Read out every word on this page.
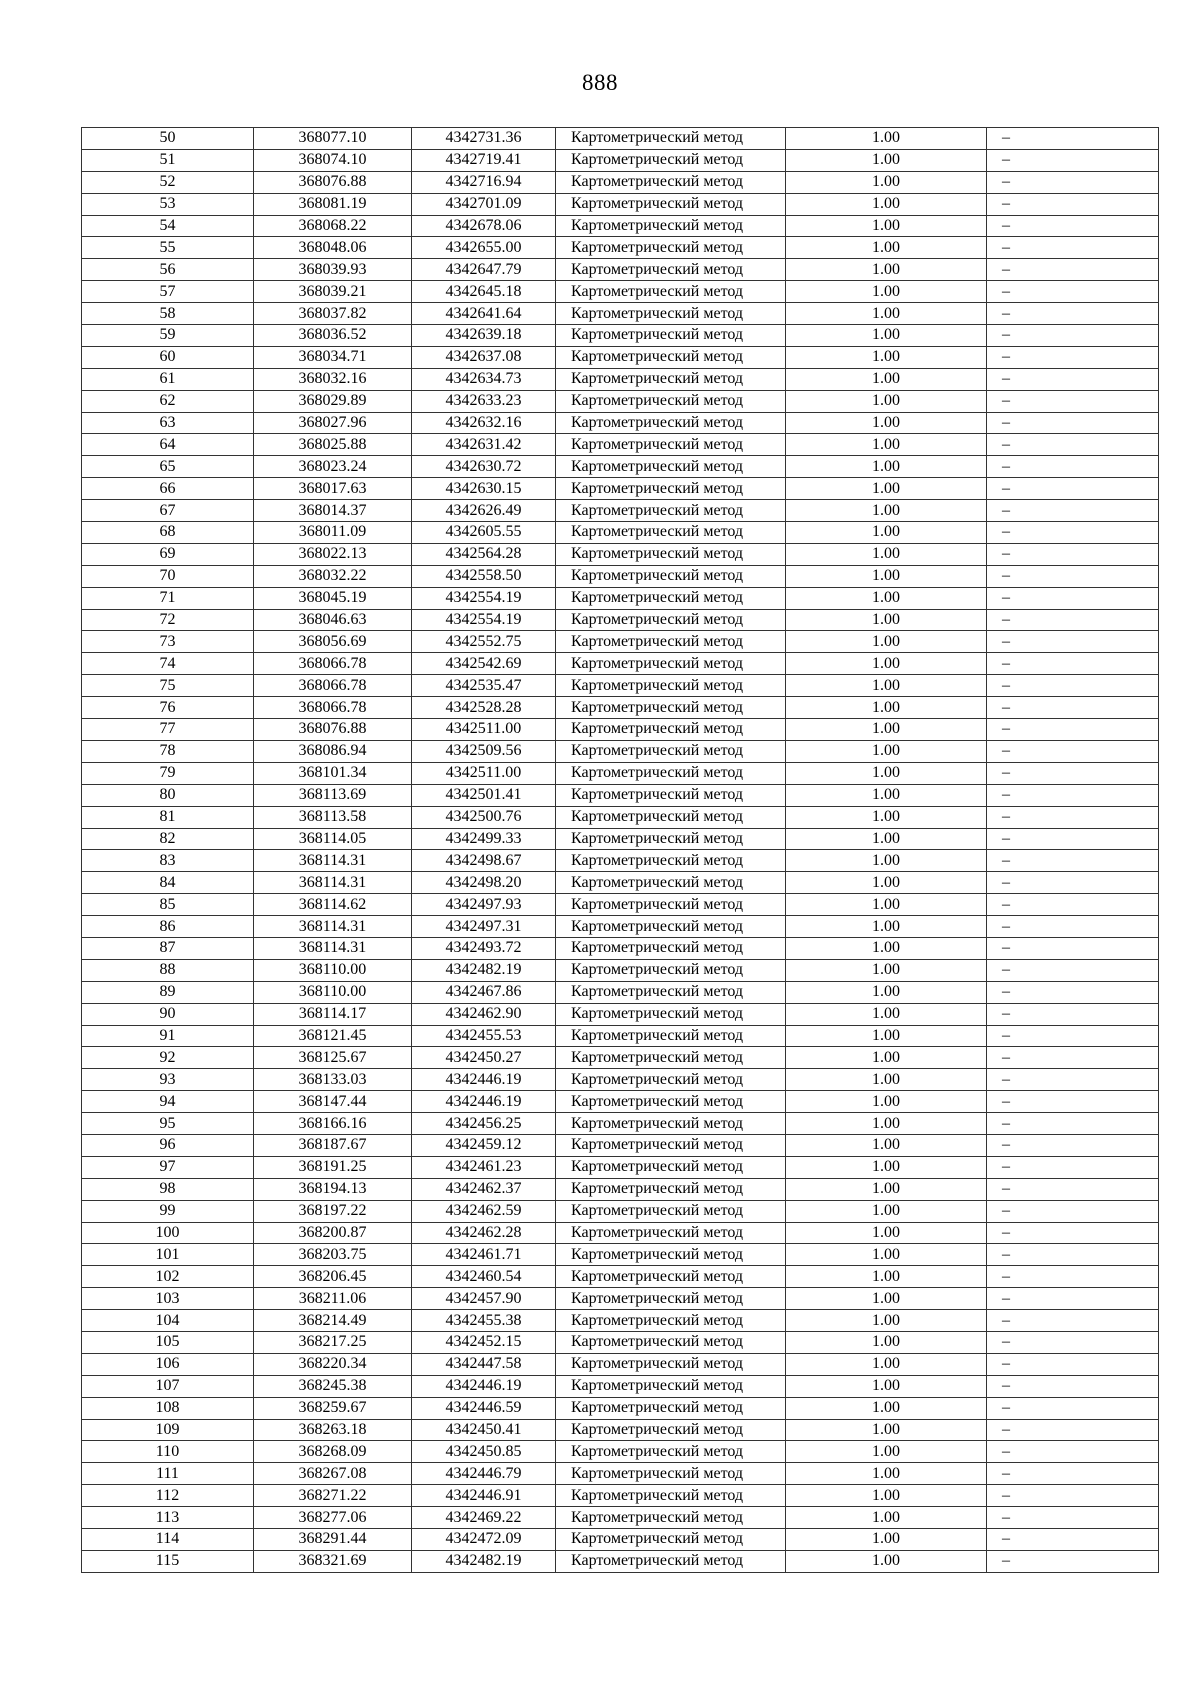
888
50	368077.10	4342731.36	Картометрический метод	1.00	–
51	368074.10	4342719.41	Картометрический метод	1.00	–
52	368076.88	4342716.94	Картометрический метод	1.00	–
53	368081.19	4342701.09	Картометрический метод	1.00	–
54	368068.22	4342678.06	Картометрический метод	1.00	–
55	368048.06	4342655.00	Картометрический метод	1.00	–
56	368039.93	4342647.79	Картометрический метод	1.00	–
57	368039.21	4342645.18	Картометрический метод	1.00	–
58	368037.82	4342641.64	Картометрический метод	1.00	–
59	368036.52	4342639.18	Картометрический метод	1.00	–
60	368034.71	4342637.08	Картометрический метод	1.00	–
61	368032.16	4342634.73	Картометрический метод	1.00	–
62	368029.89	4342633.23	Картометрический метод	1.00	–
63	368027.96	4342632.16	Картометрический метод	1.00	–
64	368025.88	4342631.42	Картометрический метод	1.00	–
65	368023.24	4342630.72	Картометрический метод	1.00	–
66	368017.63	4342630.15	Картометрический метод	1.00	–
67	368014.37	4342626.49	Картометрический метод	1.00	–
68	368011.09	4342605.55	Картометрический метод	1.00	–
69	368022.13	4342564.28	Картометрический метод	1.00	–
70	368032.22	4342558.50	Картометрический метод	1.00	–
71	368045.19	4342554.19	Картометрический метод	1.00	–
72	368046.63	4342554.19	Картометрический метод	1.00	–
73	368056.69	4342552.75	Картометрический метод	1.00	–
74	368066.78	4342542.69	Картометрический метод	1.00	–
75	368066.78	4342535.47	Картометрический метод	1.00	–
76	368066.78	4342528.28	Картометрический метод	1.00	–
77	368076.88	4342511.00	Картометрический метод	1.00	–
78	368086.94	4342509.56	Картометрический метод	1.00	–
79	368101.34	4342511.00	Картометрический метод	1.00	–
80	368113.69	4342501.41	Картометрический метод	1.00	–
81	368113.58	4342500.76	Картометрический метод	1.00	–
82	368114.05	4342499.33	Картометрический метод	1.00	–
83	368114.31	4342498.67	Картометрический метод	1.00	–
84	368114.31	4342498.20	Картометрический метод	1.00	–
85	368114.62	4342497.93	Картометрический метод	1.00	–
86	368114.31	4342497.31	Картометрический метод	1.00	–
87	368114.31	4342493.72	Картометрический метод	1.00	–
88	368110.00	4342482.19	Картометрический метод	1.00	–
89	368110.00	4342467.86	Картометрический метод	1.00	–
90	368114.17	4342462.90	Картометрический метод	1.00	–
91	368121.45	4342455.53	Картометрический метод	1.00	–
92	368125.67	4342450.27	Картометрический метод	1.00	–
93	368133.03	4342446.19	Картометрический метод	1.00	–
94	368147.44	4342446.19	Картометрический метод	1.00	–
95	368166.16	4342456.25	Картометрический метод	1.00	–
96	368187.67	4342459.12	Картометрический метод	1.00	–
97	368191.25	4342461.23	Картометрический метод	1.00	–
98	368194.13	4342462.37	Картометрический метод	1.00	–
99	368197.22	4342462.59	Картометрический метод	1.00	–
100	368200.87	4342462.28	Картометрический метод	1.00	–
101	368203.75	4342461.71	Картометрический метод	1.00	–
102	368206.45	4342460.54	Картометрический метод	1.00	–
103	368211.06	4342457.90	Картометрический метод	1.00	–
104	368214.49	4342455.38	Картометрический метод	1.00	–
105	368217.25	4342452.15	Картометрический метод	1.00	–
106	368220.34	4342447.58	Картометрический метод	1.00	–
107	368245.38	4342446.19	Картометрический метод	1.00	–
108	368259.67	4342446.59	Картометрический метод	1.00	–
109	368263.18	4342450.41	Картометрический метод	1.00	–
110	368268.09	4342450.85	Картометрический метод	1.00	–
111	368267.08	4342446.79	Картометрический метод	1.00	–
112	368271.22	4342446.91	Картометрический метод	1.00	–
113	368277.06	4342469.22	Картометрический метод	1.00	–
114	368291.44	4342472.09	Картометрический метод	1.00	–
115	368321.69	4342482.19	Картометрический метод	1.00	–
